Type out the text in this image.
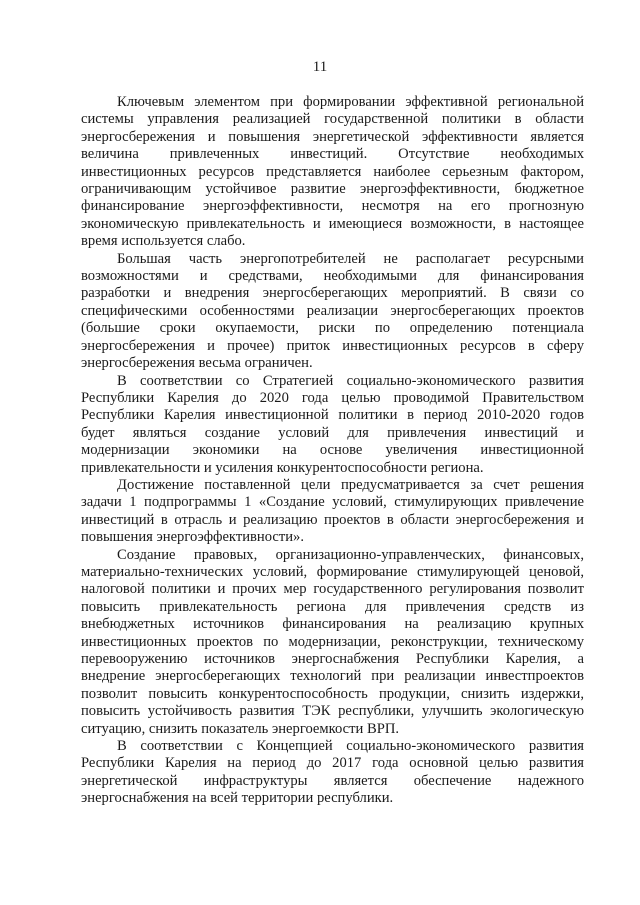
11
Ключевым элементом при формировании эффективной региональной
системы управления реализацией государственной политики в области
энергосбережения и повышения энергетической эффективности является
величина привлеченных инвестиций. Отсутствие необходимых
инвестиционных ресурсов представляется наиболее серьезным фактором,
ограничивающим устойчивое развитие энергоэффективности, бюджетное
финансирование энергоэффективности, несмотря на его прогнозную
экономическую привлекательность и имеющиеся возможности, в настоящее
время используется слабо.
Большая часть энергопотребителей не располагает ресурсными
возможностями и средствами, необходимыми для финансирования
разработки и внедрения энергосберегающих мероприятий. В связи со
специфическими особенностями реализации энергосберегающих проектов
(большие сроки окупаемости, риски по определению потенциала
энергосбережения и прочее) приток инвестиционных ресурсов в сферу
энергосбережения весьма ограничен.
В соответствии со Стратегией социально-экономического развития
Республики Карелия до 2020 года целью проводимой Правительством
Республики Карелия инвестиционной политики в период 2010-2020 годов
будет являться создание условий для привлечения инвестиций и
модернизации экономики на основе увеличения инвестиционной
привлекательности и усиления конкурентоспособности региона.
Достижение поставленной цели предусматривается за счет решения
задачи 1 подпрограммы 1 «Создание условий, стимулирующих привлечение
инвестиций в отрасль и реализацию проектов в области энергосбережения и
повышения энергоэффективности».
Создание правовых, организационно-управленческих, финансовых,
материально-технических условий, формирование стимулирующей ценовой,
налоговой политики и прочих мер государственного регулирования позволит
повысить привлекательность региона для привлечения средств из
внебюджетных источников финансирования на реализацию крупных
инвестиционных проектов по модернизации, реконструкции, техническому
перевооружению источников энергоснабжения Республики Карелия, а
внедрение энергосберегающих технологий при реализации инвестпроектов
позволит повысить конкурентоспособность продукции, снизить издержки,
повысить устойчивость развития ТЭК республики, улучшить экологическую
ситуацию, снизить показатель энергоемкости ВРП.
В соответствии с Концепцией социально-экономического развития
Республики Карелия на период до 2017 года основной целью развития
энергетической инфраструктуры является обеспечение надежного
энергоснабжения на всей территории республики.
